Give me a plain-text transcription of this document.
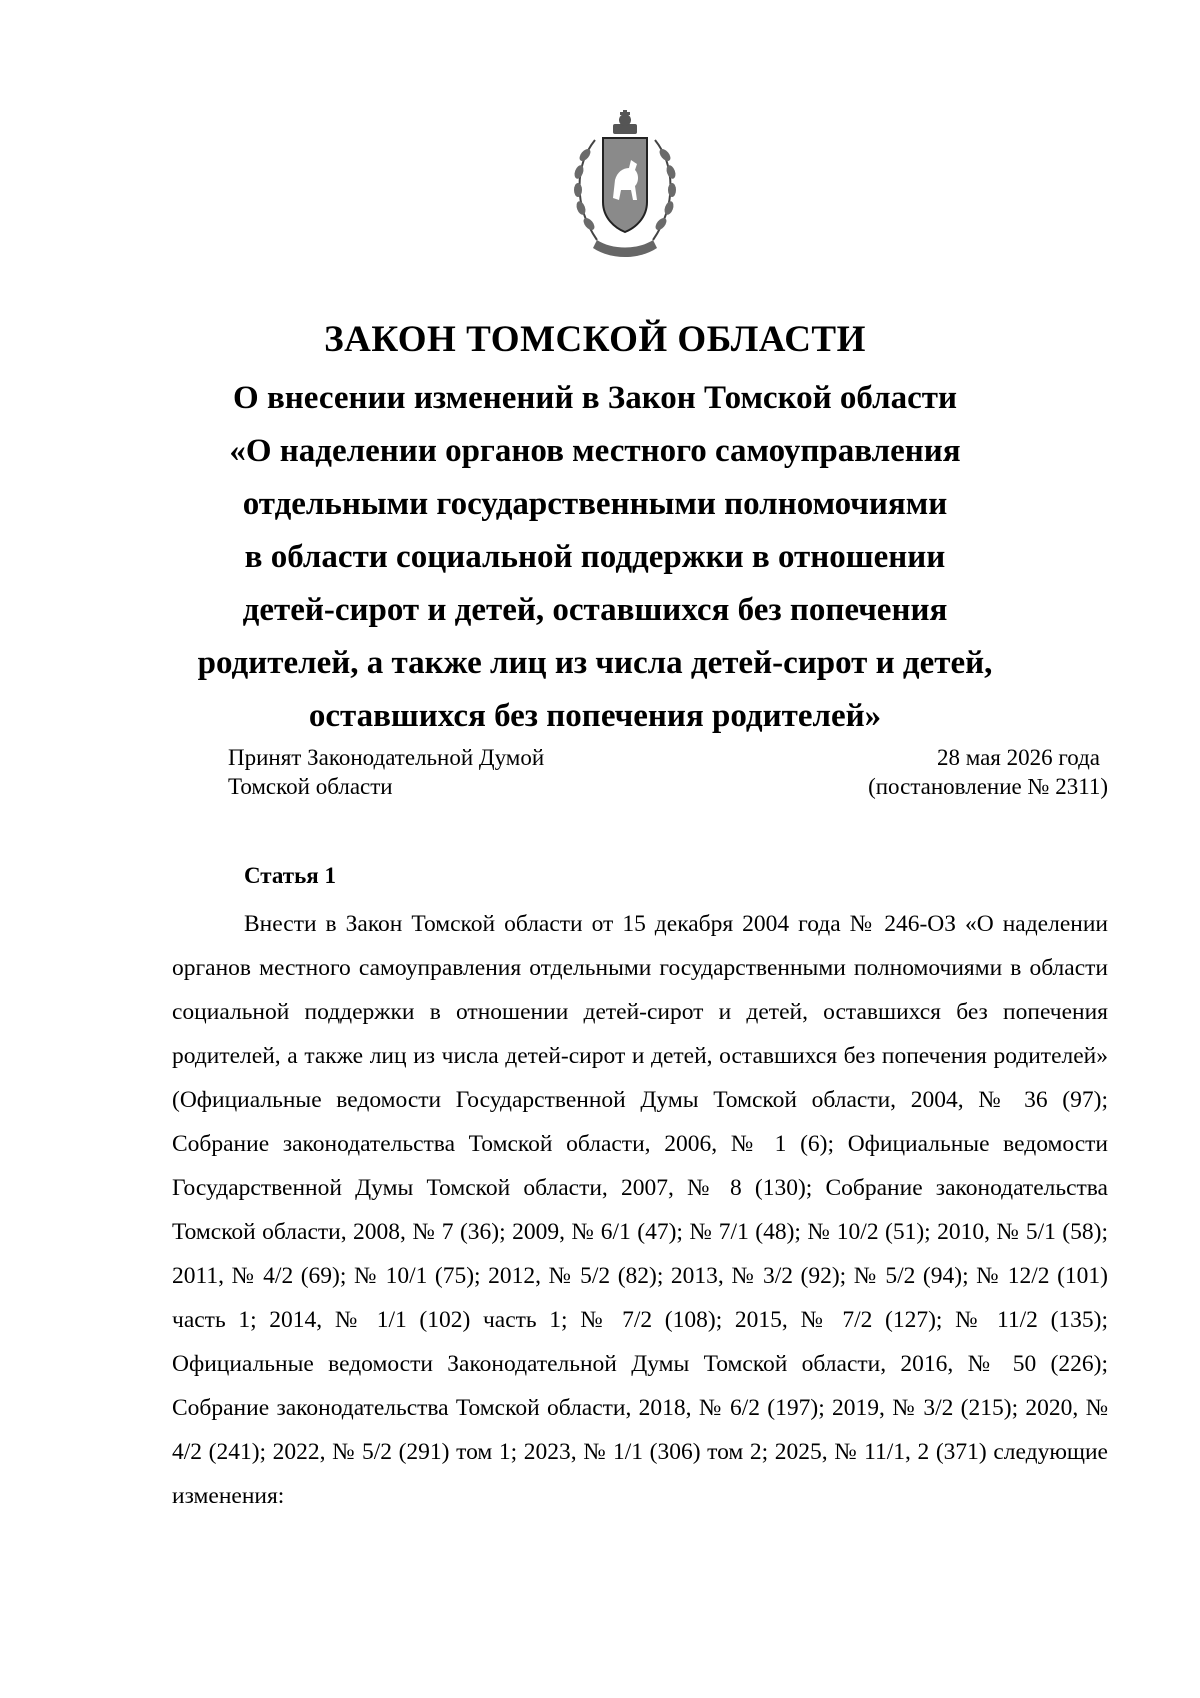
ЗАКОН ТОМСКОЙ ОБЛАСТИ
О внесении изменений в Закон Томской области
«О наделении органов местного самоуправления
отдельными государственными полномочиями
в области социальной поддержки в отношении
детей-сирот и детей, оставшихся без попечения
родителей, а также лиц из числа детей-сирот и детей,
оставшихся без попечения родителей»
Принят Законодательной Думой
Томской области
28 мая 2026 года
(постановление № 2311)
Статья 1

Внести в Закон Томской области от 15 декабря 2004 года № 246-ОЗ «О наделении органов местного самоуправления отдельными государственными полномочиями в области социальной поддержки в отношении детей-сирот и детей, оставшихся без попечения родителей, а также лиц из числа детей-сирот и детей, оставшихся без попечения родителей» (Официальные ведомости Государственной Думы Томской области, 2004, № 36 (97); Собрание законодательства Томской области, 2006, № 1 (6); Официальные ведомости Государственной Думы Томской области, 2007, № 8 (130); Собрание законодательства Томской области, 2008, № 7 (36); 2009, № 6/1 (47); № 7/1 (48); № 10/2 (51); 2010, № 5/1 (58); 2011, № 4/2 (69); № 10/1 (75); 2012, № 5/2 (82); 2013, № 3/2 (92); № 5/2 (94); № 12/2 (101) часть 1; 2014, № 1/1 (102) часть 1; № 7/2 (108); 2015, № 7/2 (127); № 11/2 (135); Официальные ведомости Законодательной Думы Томской области, 2016, № 50 (226); Собрание законодательства Томской области, 2018, № 6/2 (197); 2019, № 3/2 (215); 2020, № 4/2 (241); 2022, № 5/2 (291) том 1; 2023, № 1/1 (306) том 2; 2025, № 11/1, 2 (371) следующие изменения:
